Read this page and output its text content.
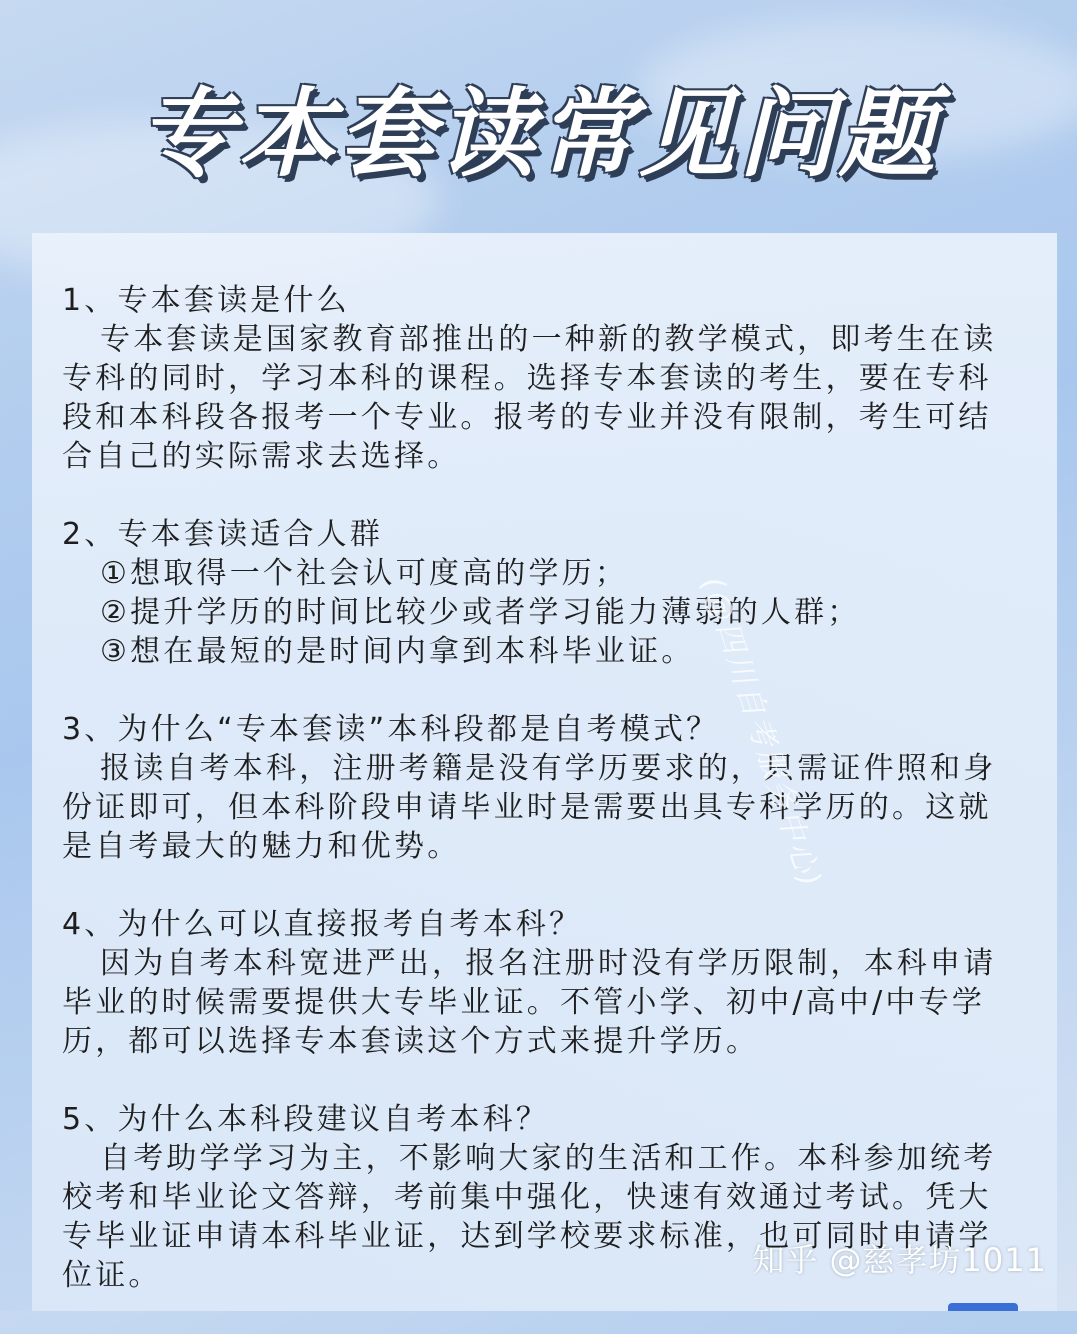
专本套读常见问题
1、专本套读是什么
专本套读是国家教育部推出的一种新的教学模式，即考生在读
专科的同时，学习本科的课程。选择专本套读的考生，要在专科
段和本科段各报考一个专业。报考的专业并没有限制，考生可结
合自己的实际需求去选择。
2、专本套读适合人群
①想取得一个社会认可度高的学历；
②提升学历的时间比较少或者学习能力薄弱的人群；
③想在最短的是时间内拿到本科毕业证。
3、为什么“专本套读”本科段都是自考模式？
报读自考本科，注册考籍是没有学历要求的，只需证件照和身
份证即可，但本科阶段申请毕业时是需要出具专科学历的。这就
是自考最大的魅力和优势。
4、为什么可以直接报考自考本科？
因为自考本科宽进严出，报名注册时没有学历限制，本科申请
毕业的时候需要提供大专毕业证。不管小学、初中/高中/中专学
历，都可以选择专本套读这个方式来提升学历。
5、为什么本科段建议自考本科？
自考助学学习为主，不影响大家的生活和工作。本科参加统考
校考和毕业论文答辩，考前集中强化，快速有效通过考试。凭大
专毕业证申请本科毕业证，达到学校要求标准，也可同时申请学
位证。
(@四川自考服务中心)
知乎 @慈孝坊1011
